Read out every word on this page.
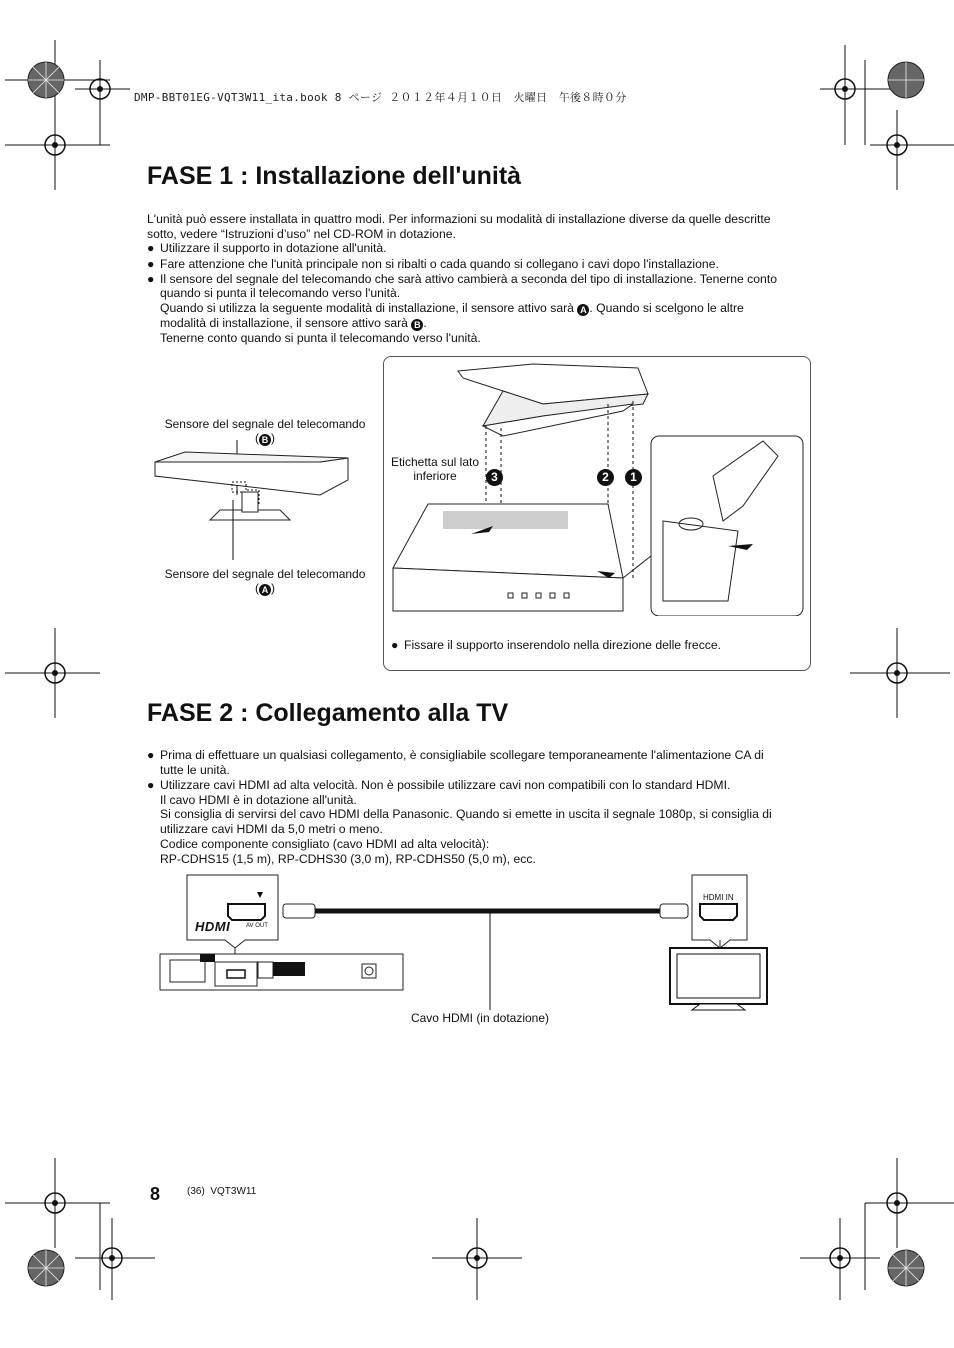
DMP-BBT01EG-VQT3W11_ita.book 8 ページ ２０１２年４月１０日　火曜日　午後８時０分
FASE 1 : Installazione dell'unità
L'unità può essere installata in quattro modi. Per informazioni su modalità di installazione diverse da quelle descritte
sotto, vedere “Istruzioni d’uso” nel CD-ROM in dotazione.
● Utilizzare il supporto in dotazione all'unità.
● Fare attenzione che l'unità principale non si ribalti o cada quando si collegano i cavi dopo l'installazione.
● Il sensore del segnale del telecomando che sarà attivo cambierà a seconda del tipo di installazione. Tenerne conto
quando si punta il telecomando verso l'unità.
Quando si utilizza la seguente modalità di installazione, il sensore attivo sarà A . Quando si scelgono le altre
modalità di installazione, il sensore attivo sarà B .
Tenerne conto quando si punta il telecomando verso l'unità.
Sensore del segnale del telecomando
( B )
Sensore del segnale del telecomando
( A )
Etichetta sul lato
inferiore	3	2	1
● Fissare il supporto inserendolo nella direzione delle frecce.
FASE 2 : Collegamento alla TV
● Prima di effettuare un qualsiasi collegamento, è consigliabile scollegare temporaneamente l'alimentazione CA di
tutte le unità.
● Utilizzare cavi HDMI ad alta velocità. Non è possibile utilizzare cavi non compatibili con lo standard HDMI.
Il cavo HDMI è in dotazione all'unità.
Si consiglia di servirsi del cavo HDMI della Panasonic. Quando si emette in uscita il segnale 1080p, si consiglia di
utilizzare cavi HDMI da 5,0 metri o meno.
Codice componente consigliato (cavo HDMI ad alta velocità):
RP-CDHS15 (1,5 m), RP-CDHS30 (3,0 m), RP-CDHS50 (5,0 m), ecc.
HDMI	AV OUT
HDMI IN
Cavo HDMI (in dotazione)
8	(36)  VQT3W11
